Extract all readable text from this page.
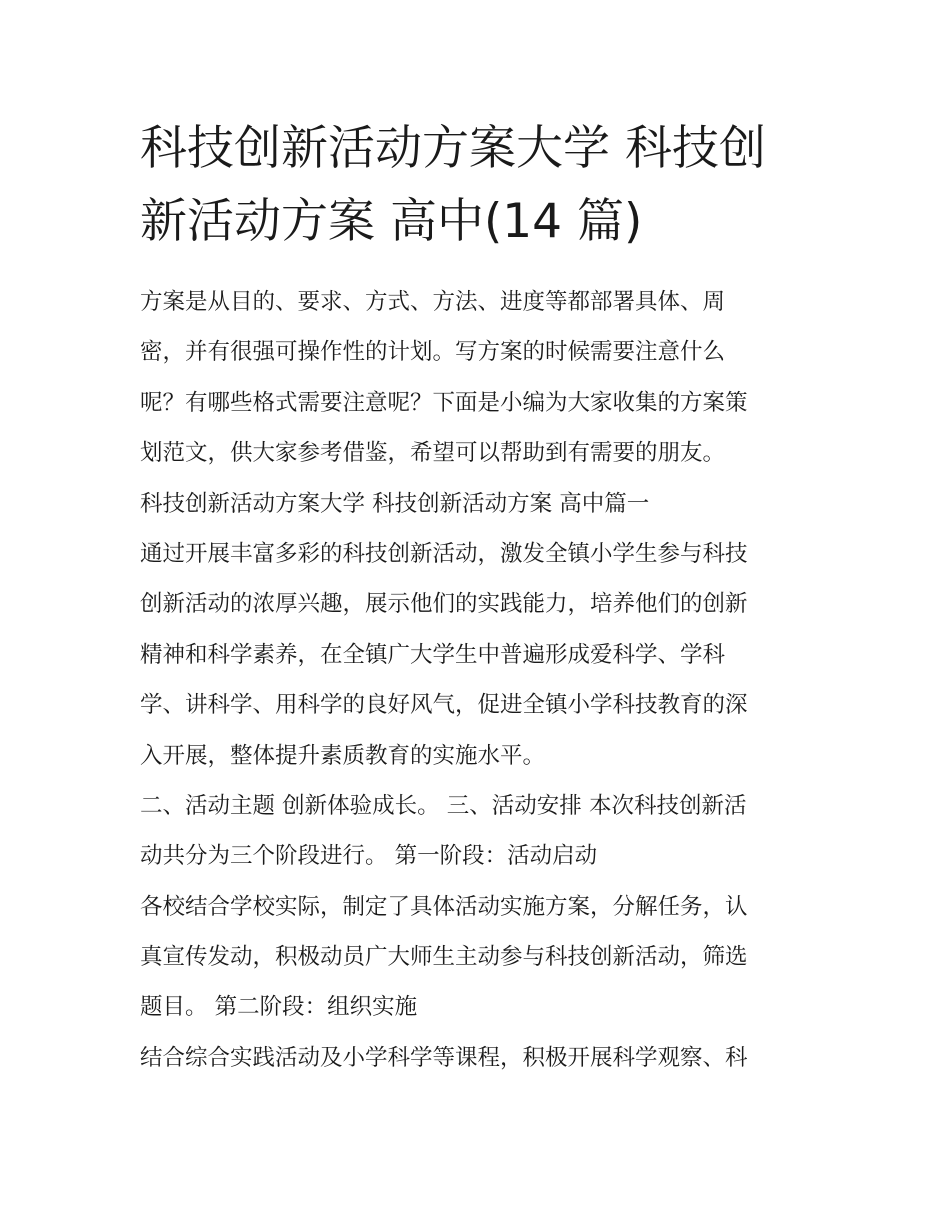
科技创新活动方案大学 科技创
新活动方案 高中(14 篇)
方案是从目的、要求、方式、方法、进度等都部署具体、周
密，并有很强可操作性的计划。写方案的时候需要注意什么
呢？有哪些格式需要注意呢？下面是小编为大家收集的方案策
划范文，供大家参考借鉴，希望可以帮助到有需要的朋友。
科技创新活动方案大学 科技创新活动方案 高中篇一
通过开展丰富多彩的科技创新活动，激发全镇小学生参与科技
创新活动的浓厚兴趣，展示他们的实践能力，培养他们的创新
精神和科学素养，在全镇广大学生中普遍形成爱科学、学科
学、讲科学、用科学的良好风气，促进全镇小学科技教育的深
入开展，整体提升素质教育的实施水平。
二、活动主题 创新体验成长。 三、活动安排 本次科技创新活
动共分为三个阶段进行。 第一阶段：活动启动
各校结合学校实际，制定了具体活动实施方案，分解任务，认
真宣传发动，积极动员广大师生主动参与科技创新活动，筛选
题目。 第二阶段：组织实施
结合综合实践活动及小学科学等课程，积极开展科学观察、科
